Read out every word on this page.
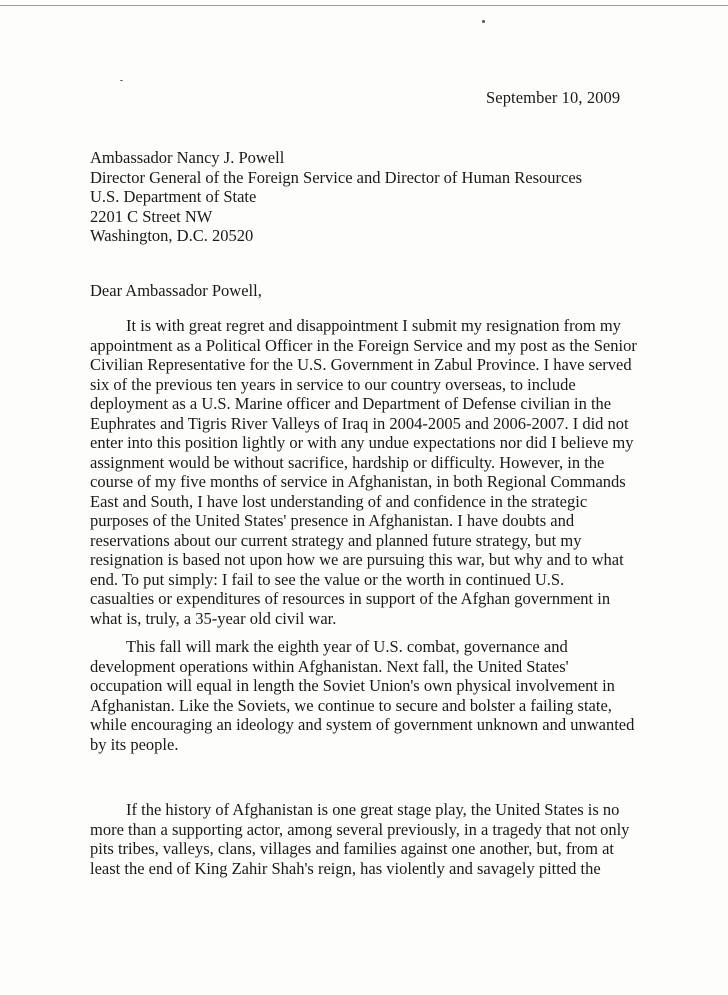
September 10, 2009
Ambassador Nancy J. Powell
Director General of the Foreign Service and Director of Human Resources
U.S. Department of State
2201 C Street NW
Washington, D.C. 20520
Dear Ambassador Powell,
It is with great regret and disappointment I submit my resignation from my
appointment as a Political Officer in the Foreign Service and my post as the Senior
Civilian Representative for the U.S. Government in Zabul Province. I have served
six of the previous ten years in service to our country overseas, to include
deployment as a U.S. Marine officer and Department of Defense civilian in the
Euphrates and Tigris River Valleys of Iraq in 2004-2005 and 2006-2007. I did not
enter into this position lightly or with any undue expectations nor did I believe my
assignment would be without sacrifice, hardship or difficulty. However, in the
course of my five months of service in Afghanistan, in both Regional Commands
East and South, I have lost understanding of and confidence in the strategic
purposes of the United States' presence in Afghanistan. I have doubts and
reservations about our current strategy and planned future strategy, but my
resignation is based not upon how we are pursuing this war, but why and to what
end. To put simply: I fail to see the value or the worth in continued U.S.
casualties or expenditures of resources in support of the Afghan government in
what is, truly, a 35-year old civil war.
This fall will mark the eighth year of U.S. combat, governance and
development operations within Afghanistan. Next fall, the United States'
occupation will equal in length the Soviet Union's own physical involvement in
Afghanistan. Like the Soviets, we continue to secure and bolster a failing state,
while encouraging an ideology and system of government unknown and unwanted
by its people.
If the history of Afghanistan is one great stage play, the United States is no
more than a supporting actor, among several previously, in a tragedy that not only
pits tribes, valleys, clans, villages and families against one another, but, from at
least the end of King Zahir Shah's reign, has violently and savagely pitted the
